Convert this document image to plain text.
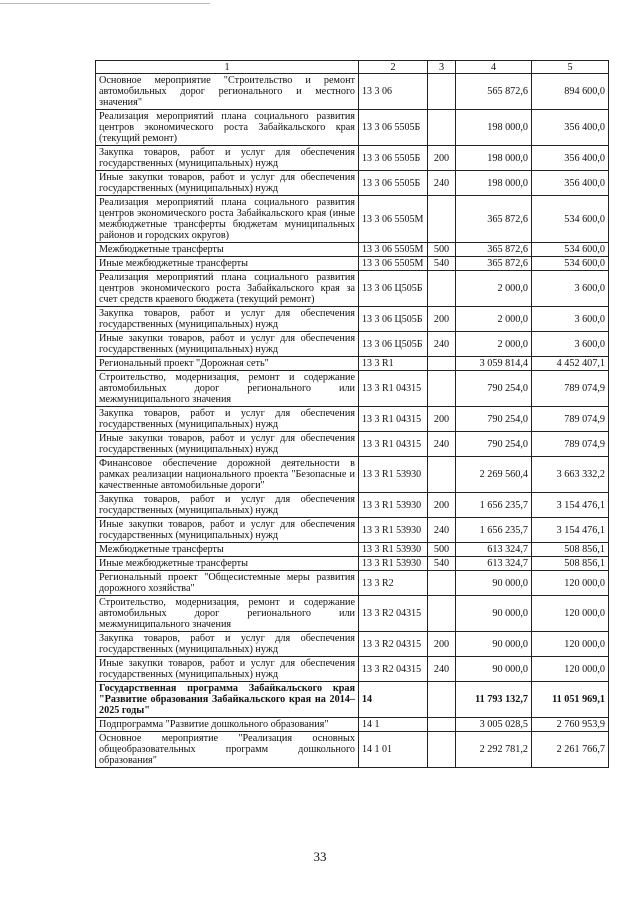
1	2	3	4	5
Основное мероприятие "Строительство и ремонт автомобильных дорог регионального и местного значения"	13 3 06		565 872,6	894 600,0
Реализация мероприятий плана социального развития центров экономического роста Забайкальского края (текущий ремонт)	13 3 06 5505Б		198 000,0	356 400,0
Закупка товаров, работ и услуг для обеспечения государственных (муниципальных) нужд	13 3 06 5505Б	200	198 000,0	356 400,0
Иные закупки товаров, работ и услуг для обеспечения государственных (муниципальных) нужд	13 3 06 5505Б	240	198 000,0	356 400,0
Реализация мероприятий плана социального развития центров экономического роста Забайкальского края (иные межбюджетные трансферты бюджетам муниципальных районов и городских округов)	13 3 06 5505М		365 872,6	534 600,0
Межбюджетные трансферты	13 3 06 5505М	500	365 872,6	534 600,0
Иные межбюджетные трансферты	13 3 06 5505М	540	365 872,6	534 600,0
Реализация мероприятий плана социального развития центров экономического роста Забайкальского края за счет средств краевого бюджета (текущий ремонт)	13 3 06 Ц505Б		2 000,0	3 600,0
Закупка товаров, работ и услуг для обеспечения государственных (муниципальных) нужд	13 3 06 Ц505Б	200	2 000,0	3 600,0
Иные закупки товаров, работ и услуг для обеспечения государственных (муниципальных) нужд	13 3 06 Ц505Б	240	2 000,0	3 600,0
Региональный проект "Дорожная сеть"	13 3 R1		3 059 814,4	4 452 407,1
Строительство, модернизация, ремонт и содержание автомобильных дорог регионального или межмуниципального значения	13 3 R1 04315		790 254,0	789 074,9
Закупка товаров, работ и услуг для обеспечения государственных (муниципальных) нужд	13 3 R1 04315	200	790 254,0	789 074,9
Иные закупки товаров, работ и услуг для обеспечения государственных (муниципальных) нужд	13 3 R1 04315	240	790 254,0	789 074,9
Финансовое обеспечение дорожной деятельности в рамках реализации национального проекта "Безопасные и качественные автомобильные дороги"	13 3 R1 53930		2 269 560,4	3 663 332,2
Закупка товаров, работ и услуг для обеспечения государственных (муниципальных) нужд	13 3 R1 53930	200	1 656 235,7	3 154 476,1
Иные закупки товаров, работ и услуг для обеспечения государственных (муниципальных) нужд	13 3 R1 53930	240	1 656 235,7	3 154 476,1
Межбюджетные трансферты	13 3 R1 53930	500	613 324,7	508 856,1
Иные межбюджетные трансферты	13 3 R1 53930	540	613 324,7	508 856,1
Региональный проект "Общесистемные меры развития дорожного хозяйства"	13 3 R2		90 000,0	120 000,0
Строительство, модернизация, ремонт и содержание автомобильных дорог регионального или межмуниципального значения	13 3 R2 04315		90 000,0	120 000,0
Закупка товаров, работ и услуг для обеспечения государственных (муниципальных) нужд	13 3 R2 04315	200	90 000,0	120 000,0
Иные закупки товаров, работ и услуг для обеспечения государственных (муниципальных) нужд	13 3 R2 04315	240	90 000,0	120 000,0
Государственная программа Забайкальского края "Развитие образования Забайкальского края на 2014–2025 годы"	14		11 793 132,7	11 051 969,1
Подпрограмма "Развитие дошкольного образования"	14 1		3 005 028,5	2 760 953,9
Основное мероприятие "Реализация основных общеобразовательных программ дошкольного образования"	14 1 01		2 292 781,2	2 261 766,7
33
